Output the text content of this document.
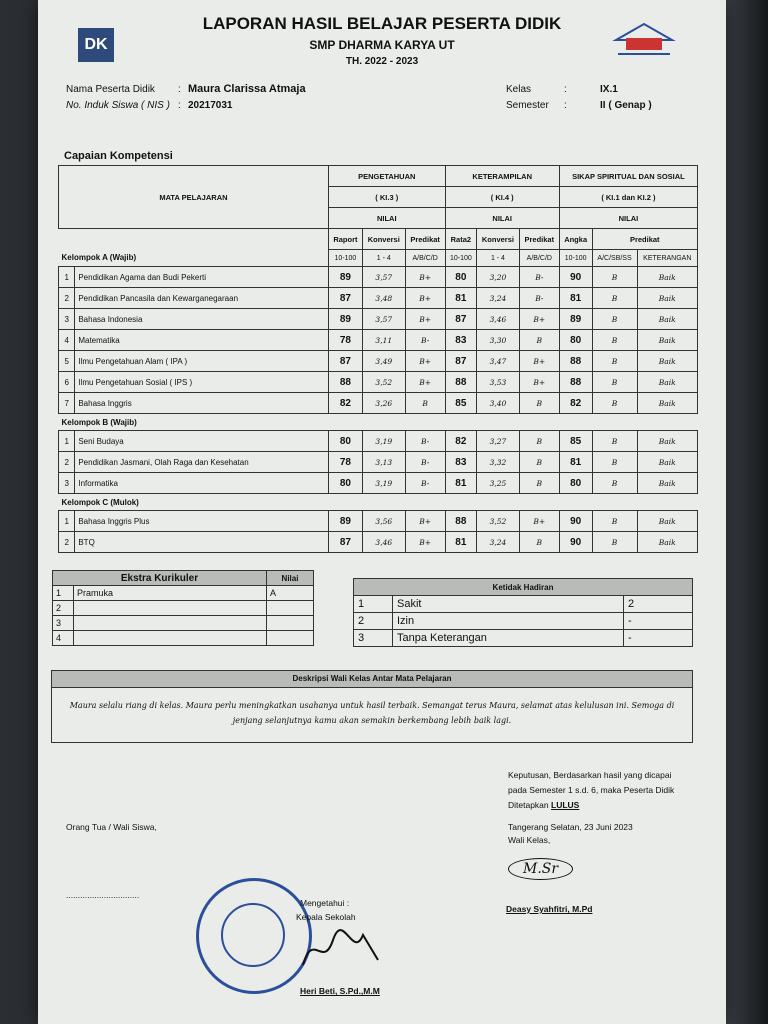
DK
LAPORAN HASIL BELAJAR PESERTA DIDIK
SMP DHARMA KARYA UT
TH. 2022 - 2023
Nama Peserta Didik : Maura Clarissa Atmaja
No. Induk Siswa ( NIS ) : 20217031
Kelas	:	IX.1
Semester :	II ( Genap )
Capaian Kompetensi
MATA PELAJARAN		PENGETAHUAN			KETERAMPILAN			SIKAP SPIRITUAL DAN SOSIAL		
		( KI.3 )			( KI.4 )			( KI.1 dan KI.2 )		
		NILAI			NILAI			NILAI		
		Raport	Konversi	Predikat	Rata2	Konversi	Predikat	Angka	Predikat	
Kelompok A (Wajib)		10-100	1 - 4	A/B/C/D	10-100	1 - 4	A/B/C/D	10-100	A/C/SB/SS	KETERANGAN
1	Pendidikan Agama dan Budi Pekerti	89	3,57	B+	80	3,20	B-	90	B	Baik
2	Pendidikan Pancasila dan Kewarganegaraan	87	3,48	B+	81	3,24	B-	81	B	Baik
3	Bahasa Indonesia	89	3,57	B+	87	3,46	B+	89	B	Baik
4	Matematika	78	3,11	B-	83	3,30	B	80	B	Baik
5	Ilmu Pengetahuan Alam ( IPA )	87	3,49	B+	87	3,47	B+	88	B	Baik
6	Ilmu Pengetahuan Sosial ( IPS )	88	3,52	B+	88	3,53	B+	88	B	Baik
7	Bahasa Inggris	82	3,26	B	85	3,40	B	82	B	Baik
Kelompok B (Wajib)										
1	Seni Budaya	80	3,19	B-	82	3,27	B	85	B	Baik
2	Pendidikan Jasmani, Olah Raga dan Kesehatan	78	3,13	B-	83	3,32	B	81	B	Baik
3	Informatika	80	3,19	B-	81	3,25	B	80	B	Baik
Kelompok C (Mulok)										
1	Bahasa Inggris Plus	89	3,56	B+	88	3,52	B+	90	B	Baik
2	BTQ	87	3,46	B+	81	3,24	B	90	B	Baik
Ekstra Kurikuler		Nilai
1	Pramuka	A
2		
3		
4		
Ketidak Hadiran		
1	Sakit	2
2	Izin	-
3	Tanpa Keterangan	-
Deskripsi Wali Kelas Antar Mata Pelajaran
Maura selalu riang di kelas. Maura perlu meningkatkan usahanya untuk hasil terbaik. Semangat terus Maura, selamat atas kelulusan ini. Semoga di jenjang selanjutnya kamu akan semakin berkembang lebih baik lagi.
Keputusan, Berdasarkan hasil yang dicapai
pada Semester 1 s.d. 6, maka Peserta Didik
Ditetapkan LULUS
Tangerang Selatan, 23 Juni 2023
Wali Kelas,
M.Sr
Deasy Syahfitri, M.Pd
Orang Tua / Wali Siswa,
...............................
Mengetahui :
Kepala Sekolah
Heri Beti, S.Pd.,M.M
